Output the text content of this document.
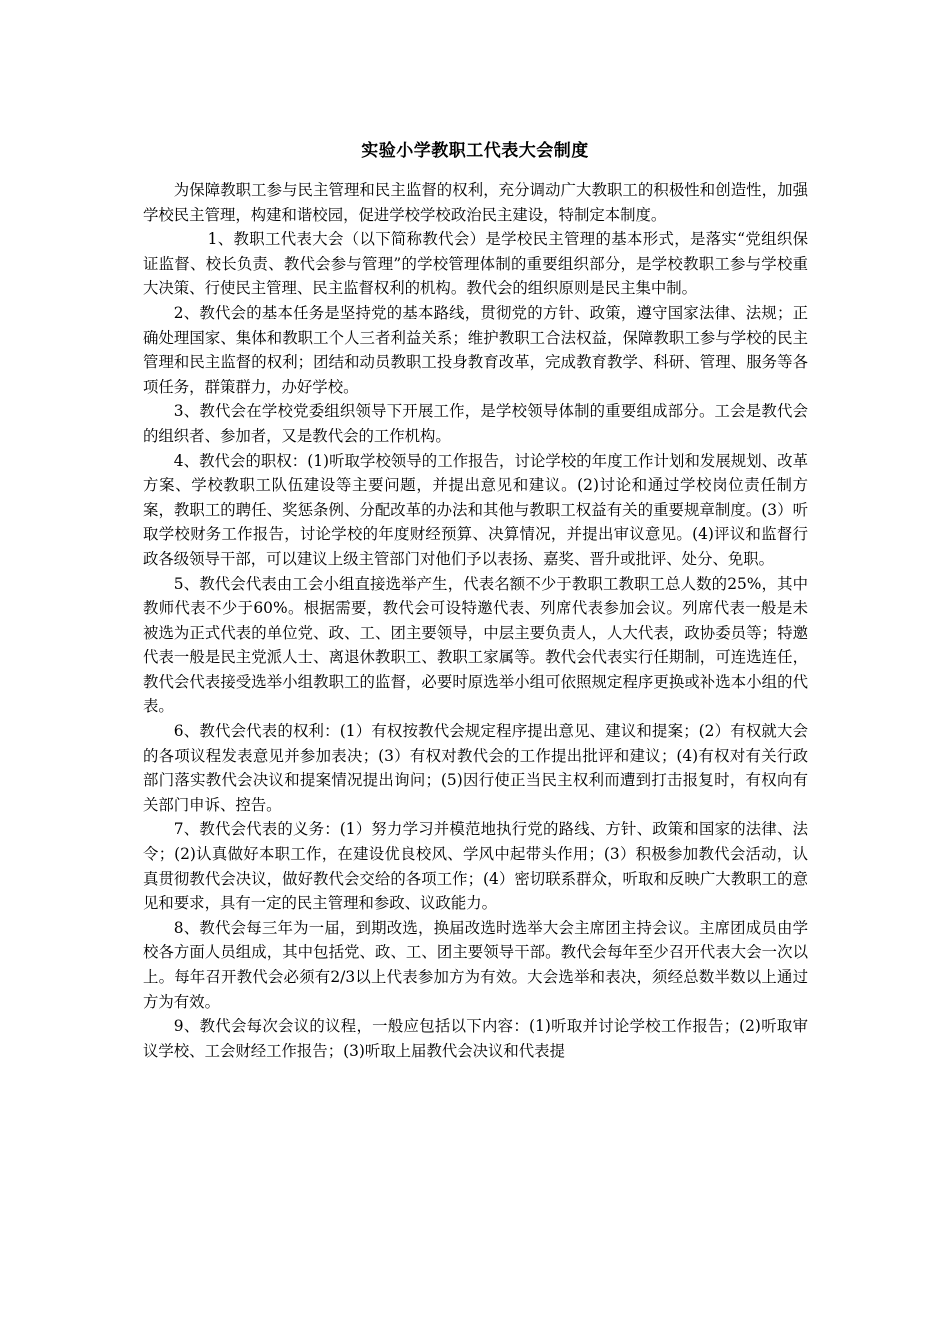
实验小学教职工代表大会制度

为保障教职工参与民主管理和民主监督的权利，充分调动广大教职工的积极性和创造性，加强学校民主管理，构建和谐校园，促进学校学校政治民主建设，特制定本制度。

1、教职工代表大会（以下简称教代会）是学校民主管理的基本形式，是落实“党组织保证监督、校长负责、教代会参与管理”的学校管理体制的重要组织部分，是学校教职工参与学校重大决策、行使民主管理、民主监督权利的机构。教代会的组织原则是民主集中制。

2、教代会的基本任务是坚持党的基本路线，贯彻党的方针、政策，遵守国家法律、法规；正确处理国家、集体和教职工个人三者利益关系；维护教职工合法权益，保障教职工参与学校的民主管理和民主监督的权利；团结和动员教职工投身教育改革，完成教育教学、科研、管理、服务等各项任务，群策群力，办好学校。

3、教代会在学校党委组织领导下开展工作，是学校领导体制的重要组成部分。工会是教代会的组织者、参加者，又是教代会的工作机构。

4、教代会的职权：(1)听取学校领导的工作报告，讨论学校的年度工作计划和发展规划、改革方案、学校教职工队伍建设等主要问题，并提出意见和建议。(2)讨论和通过学校岗位责任制方案，教职工的聘任、奖惩条例、分配改革的办法和其他与教职工权益有关的重要规章制度。(3）听取学校财务工作报告，讨论学校的年度财经预算、决算情况，并提出审议意见。(4)评议和监督行政各级领导干部，可以建议上级主管部门对他们予以表扬、嘉奖、晋升或批评、处分、免职。

5、教代会代表由工会小组直接选举产生，代表名额不少于教职工教职工总人数的25%，其中教师代表不少于60%。根据需要，教代会可设特邀代表、列席代表参加会议。列席代表一般是未被选为正式代表的单位党、政、工、团主要领导，中层主要负责人，人大代表，政协委员等；特邀代表一般是民主党派人士、离退休教职工、教职工家属等。教代会代表实行任期制，可连选连任，教代会代表接受选举小组教职工的监督，必要时原选举小组可依照规定程序更换或补选本小组的代表。

6、教代会代表的权利：(1）有权按教代会规定程序提出意见、建议和提案；(2）有权就大会的各项议程发表意见并参加表决；(3）有权对教代会的工作提出批评和建议；(4)有权对有关行政部门落实教代会决议和提案情况提出询问；(5)因行使正当民主权利而遭到打击报复时，有权向有关部门申诉、控告。

7、教代会代表的义务：(1）努力学习并模范地执行党的路线、方针、政策和国家的法律、法令；(2)认真做好本职工作，在建设优良校风、学风中起带头作用；(3）积极参加教代会活动，认真贯彻教代会决议，做好教代会交给的各项工作；(4）密切联系群众，听取和反映广大教职工的意见和要求，具有一定的民主管理和参政、议政能力。

8、教代会每三年为一届，到期改选，换届改选时选举大会主席团主持会议。主席团成员由学校各方面人员组成，其中包括党、政、工、团主要领导干部。教代会每年至少召开代表大会一次以上。每年召开教代会必须有2/3以上代表参加方为有效。大会选举和表决，须经总数半数以上通过方为有效。

9、教代会每次会议的议程，一般应包括以下内容：(1)听取并讨论学校工作报告；(2)听取审议学校、工会财经工作报告；(3)听取上届教代会决议和代表提
